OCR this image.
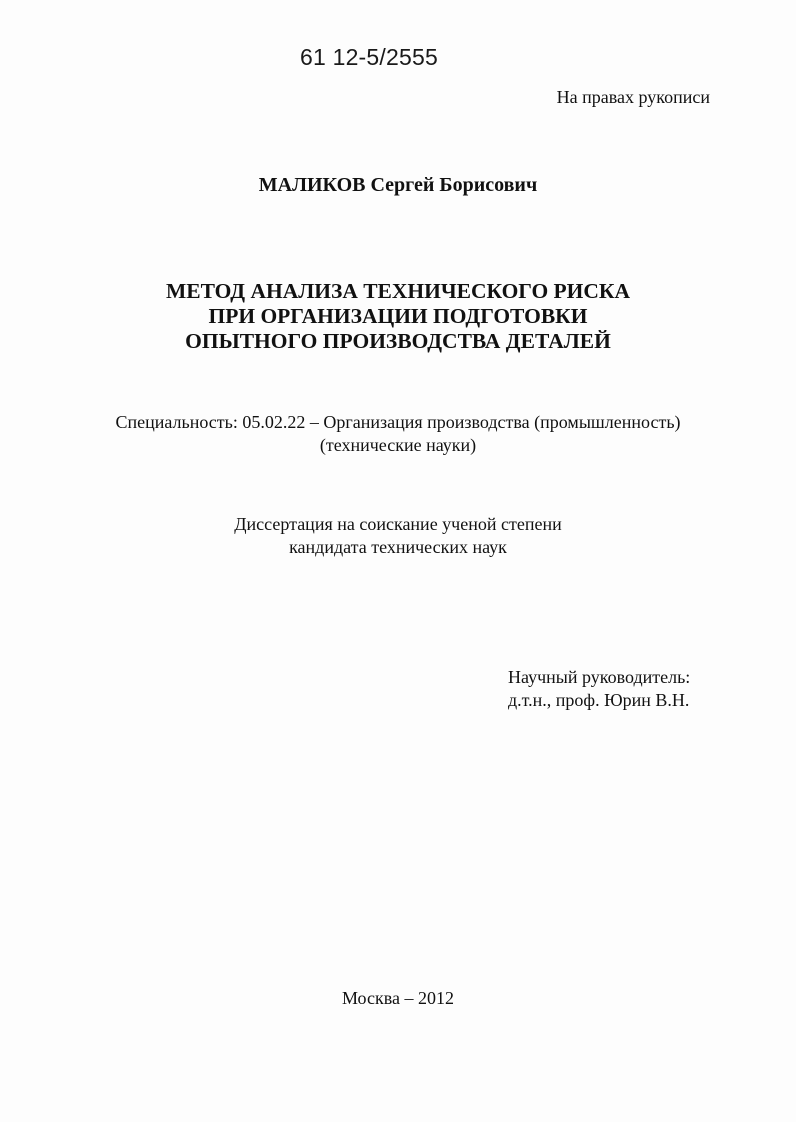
61 12-5/2555

На правах рукописи

МАЛИКОВ Сергей Борисович

МЕТОД АНАЛИЗА ТЕХНИЧЕСКОГО РИСКА
ПРИ ОРГАНИЗАЦИИ ПОДГОТОВКИ
ОПЫТНОГО ПРОИЗВОДСТВА ДЕТАЛЕЙ
Специальность: 05.02.22 – Организация производства (промышленность)
(технические науки)
Диссертация на соискание ученой степени
кандидата технических наук
Научный руководитель:
д.т.н., проф. Юрин В.Н.

Москва – 2012
